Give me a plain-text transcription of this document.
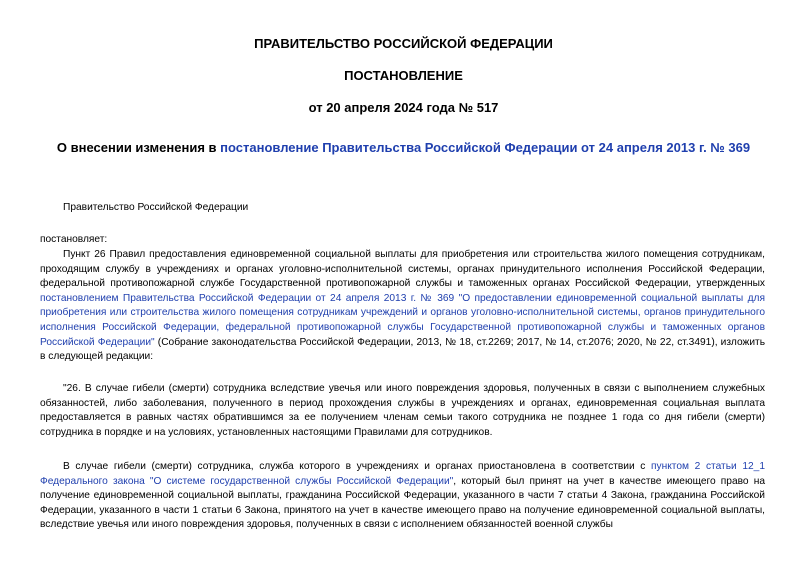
ПРАВИТЕЛЬСТВО РОССИЙСКОЙ ФЕДЕРАЦИИ

ПОСТАНОВЛЕНИЕ

от 20 апреля 2024 года № 517

О внесении изменения в постановление Правительства Российской Федерации от 24 апреля 2013 г. № 369

Правительство Российской Федерации

постановляет:

Пункт 26 Правил предоставления единовременной социальной выплаты для приобретения или строительства жилого помещения сотрудникам, проходящим службу в учреждениях и органах уголовно-исполнительной системы, органах принудительного исполнения Российской Федерации, федеральной противопожарной службе Государственной противопожарной службы и таможенных органах Российской Федерации, утвержденных постановлением Правительства Российской Федерации от 24 апреля 2013 г. № 369 "О предоставлении единовременной социальной выплаты для приобретения или строительства жилого помещения сотрудникам учреждений и органов уголовно-исполнительной системы, органов принудительного исполнения Российской Федерации, федеральной противопожарной службы Государственной противопожарной службы и таможенных органов Российской Федерации" (Собрание законодательства Российской Федерации, 2013, № 18, ст.2269; 2017, № 14, ст.2076; 2020, № 22, ст.3491), изложить в следующей редакции:

"26. В случае гибели (смерти) сотрудника вследствие увечья или иного повреждения здоровья, полученных в связи с выполнением служебных обязанностей, либо заболевания, полученного в период прохождения службы в учреждениях и органах, единовременная социальная выплата предоставляется в равных частях обратившимся за ее получением членам семьи такого сотрудника не позднее 1 года со дня гибели (смерти) сотрудника в порядке и на условиях, установленных настоящими Правилами для сотрудников.

В случае гибели (смерти) сотрудника, служба которого в учреждениях и органах приостановлена в соответствии с пунктом 2 статьи 12_1 Федерального закона "О системе государственной службы Российской Федерации", который был принят на учет в качестве имеющего право на получение единовременной социальной выплаты, гражданина Российской Федерации, указанного в части 7 статьи 4 Закона, гражданина Российской Федерации, указанного в части 1 статьи 6 Закона, принятого на учет в качестве имеющего право на получение единовременной социальной выплаты, вследствие увечья или иного повреждения здоровья, полученных в связи с исполнением обязанностей военной службы
